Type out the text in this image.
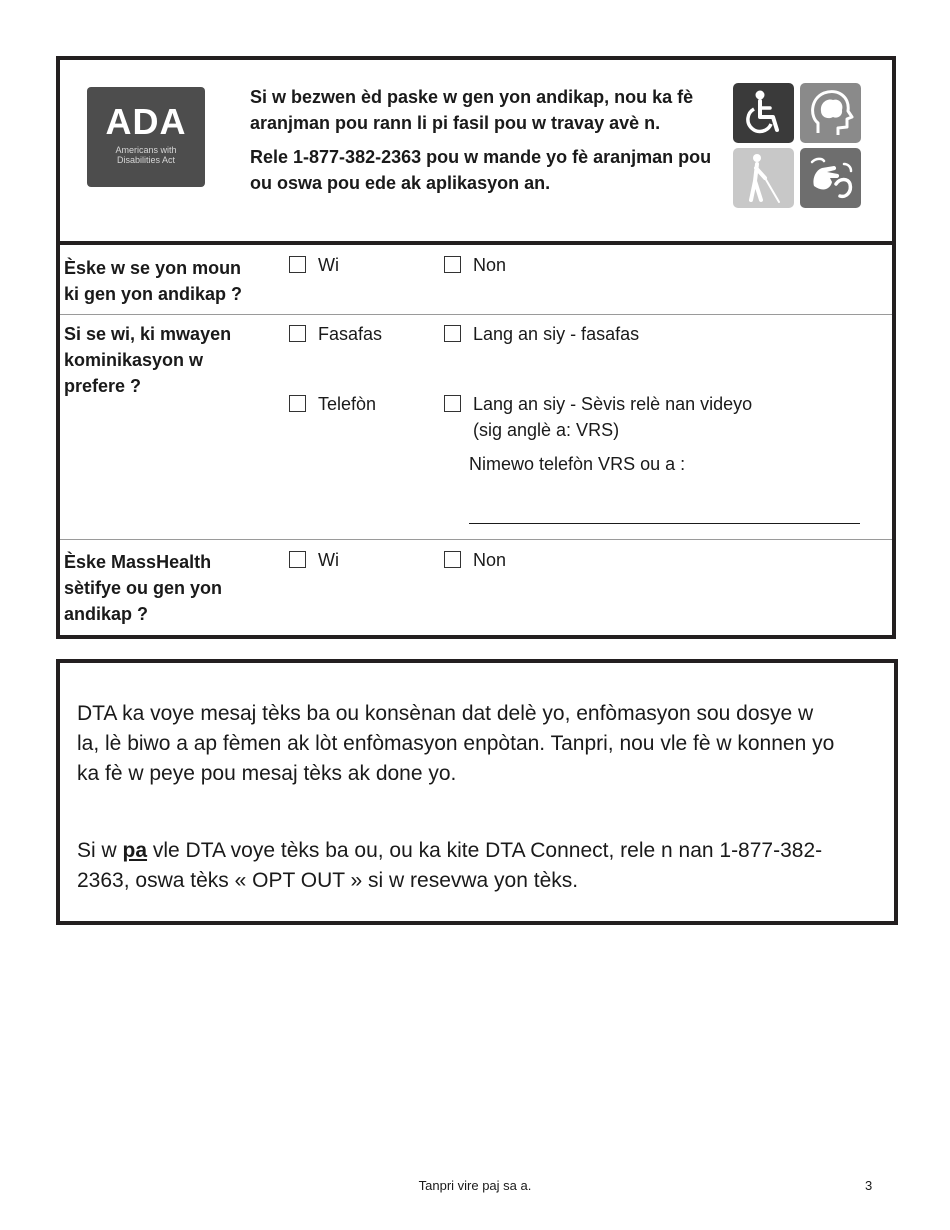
ADA
Americans with
Disabilities Act

Si w bezwen èd paske w gen yon andikap, nou ka fè aranjman pou rann li pi fasil pou w travay avè n.

Rele 1-877-382-2363 pou w mande yo fè aranjman pou ou oswa pou ede ak aplikasyon an.

Èske w se yon moun ki gen yon andikap ?
Wi	Non
Si se wi, ki mwayen kominikasyon w prefere ?
Fasafas	Lang an siy - fasafas
Telefòn	Lang an siy - Sèvis relè nan videyo (sig anglè a: VRS)
Nimewo telefòn VRS ou a :
Èske MassHealth sètifye ou gen yon andikap ?
Wi	Non

DTA ka voye mesaj tèks ba ou konsènan dat delè yo, enfòmasyon sou dosye w la, lè biwo a ap fèmen ak lòt enfòmasyon enpòtan. Tanpri, nou vle fè w konnen yo ka fè w peye pou mesaj tèks ak done yo.

Si w pa vle DTA voye tèks ba ou, ou ka kite DTA Connect, rele n nan 1-877-382-2363, oswa tèks « OPT OUT » si w resevwa yon tèks.

Tanpri vire paj sa a.	3
